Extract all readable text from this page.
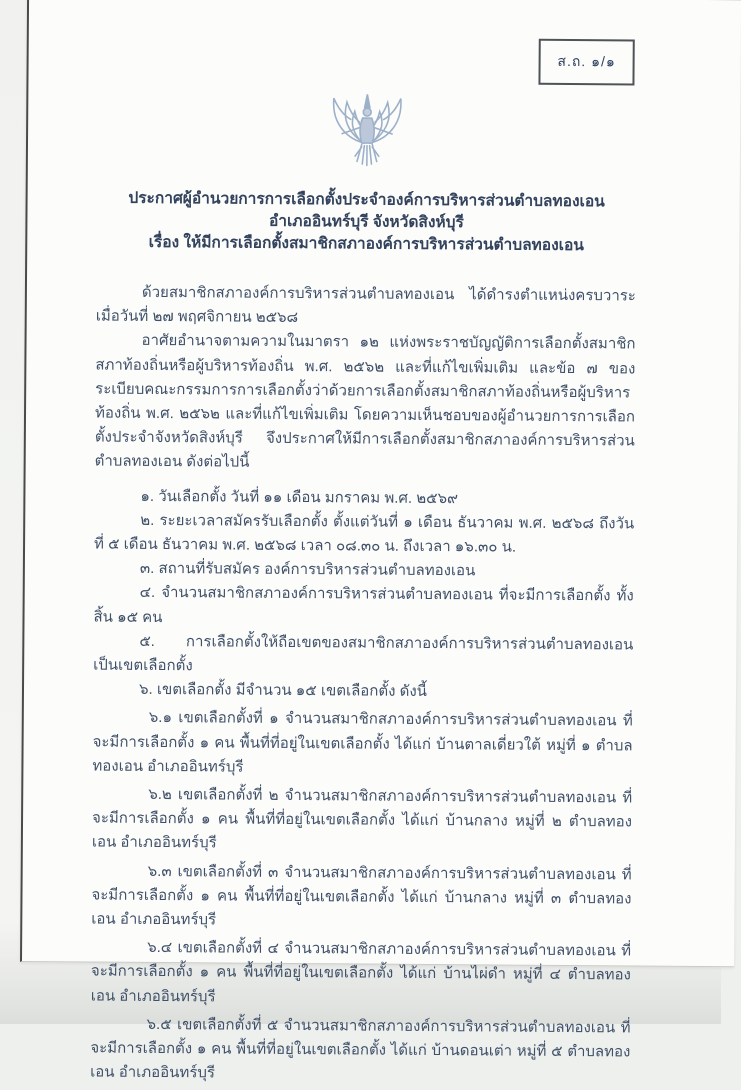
ส.ถ. ๑/๑
ประกาศผู้อำนวยการการเลือกตั้งประจำองค์การบริหารส่วนตำบลทองเอน
อำเภออินทร์บุรี จังหวัดสิงห์บุรี
เรื่อง ให้มีการเลือกตั้งสมาชิกสภาองค์การบริหารส่วนตำบลทองเอน

ด้วยสมาชิกสภาองค์การบริหารส่วนตำบลทองเอน ได้ดำรงตำแหน่งครบวาระ เมื่อวันที่ ๒๗ พฤศจิกายน ๒๕๖๘

อาศัยอำนาจตามความในมาตรา ๑๒ แห่งพระราชบัญญัติการเลือกตั้งสมาชิกสภาท้องถิ่นหรือผู้บริหารท้องถิ่น พ.ศ. ๒๕๖๒ และที่แก้ไขเพิ่มเติม และข้อ ๗ ของระเบียบคณะกรรมการการเลือกตั้งว่าด้วยการเลือกตั้งสมาชิกสภาท้องถิ่นหรือผู้บริหารท้องถิ่น พ.ศ. ๒๕๖๒ และที่แก้ไขเพิ่มเติม โดยความเห็นชอบของผู้อำนวยการการเลือกตั้งประจำจังหวัดสิงห์บุรี จึงประกาศให้มีการเลือกตั้งสมาชิกสภาองค์การบริหารส่วนตำบลทองเอน ดังต่อไปนี้

๑. วันเลือกตั้ง วันที่ ๑๑ เดือน มกราคม พ.ศ. ๒๕๖๙

๒. ระยะเวลาสมัครรับเลือกตั้ง ตั้งแต่วันที่ ๑ เดือน ธันวาคม พ.ศ. ๒๕๖๘ ถึงวันที่ ๕ เดือน ธันวาคม พ.ศ. ๒๕๖๘ เวลา ๐๘.๓๐ น. ถึงเวลา ๑๖.๓๐ น.

๓. สถานที่รับสมัคร องค์การบริหารส่วนตำบลทองเอน

๔. จำนวนสมาชิกสภาองค์การบริหารส่วนตำบลทองเอน ที่จะมีการเลือกตั้ง ทั้งสิ้น ๑๕ คน

๕. การเลือกตั้งให้ถือเขตของสมาชิกสภาองค์การบริหารส่วนตำบลทองเอน เป็นเขตเลือกตั้ง

๖. เขตเลือกตั้ง มีจำนวน ๑๕ เขตเลือกตั้ง ดังนี้

๖.๑ เขตเลือกตั้งที่ ๑ จำนวนสมาชิกสภาองค์การบริหารส่วนตำบลทองเอน ที่จะมีการเลือกตั้ง ๑ คน พื้นที่ที่อยู่ในเขตเลือกตั้ง ได้แก่ บ้านตาลเดี่ยวใต้ หมู่ที่ ๑ ตำบลทองเอน อำเภออินทร์บุรี

๖.๒ เขตเลือกตั้งที่ ๒ จำนวนสมาชิกสภาองค์การบริหารส่วนตำบลทองเอน ที่จะมีการเลือกตั้ง ๑ คน พื้นที่ที่อยู่ในเขตเลือกตั้ง ได้แก่ บ้านกลาง หมู่ที่ ๒ ตำบลทองเอน อำเภออินทร์บุรี

๖.๓ เขตเลือกตั้งที่ ๓ จำนวนสมาชิกสภาองค์การบริหารส่วนตำบลทองเอน ที่จะมีการเลือกตั้ง ๑ คน พื้นที่ที่อยู่ในเขตเลือกตั้ง ได้แก่ บ้านกลาง หมู่ที่ ๓ ตำบลทองเอน อำเภออินทร์บุรี

๖.๔ เขตเลือกตั้งที่ ๔ จำนวนสมาชิกสภาองค์การบริหารส่วนตำบลทองเอน ที่จะมีการเลือกตั้ง ๑ คน พื้นที่ที่อยู่ในเขตเลือกตั้ง ได้แก่ บ้านไผ่ดำ หมู่ที่ ๔ ตำบลทองเอน อำเภออินทร์บุรี

๖.๕ เขตเลือกตั้งที่ ๕ จำนวนสมาชิกสภาองค์การบริหารส่วนตำบลทองเอน ที่จะมีการเลือกตั้ง ๑ คน พื้นที่ที่อยู่ในเขตเลือกตั้ง ได้แก่ บ้านดอนเต่า หมู่ที่ ๕ ตำบลทองเอน อำเภออินทร์บุรี
